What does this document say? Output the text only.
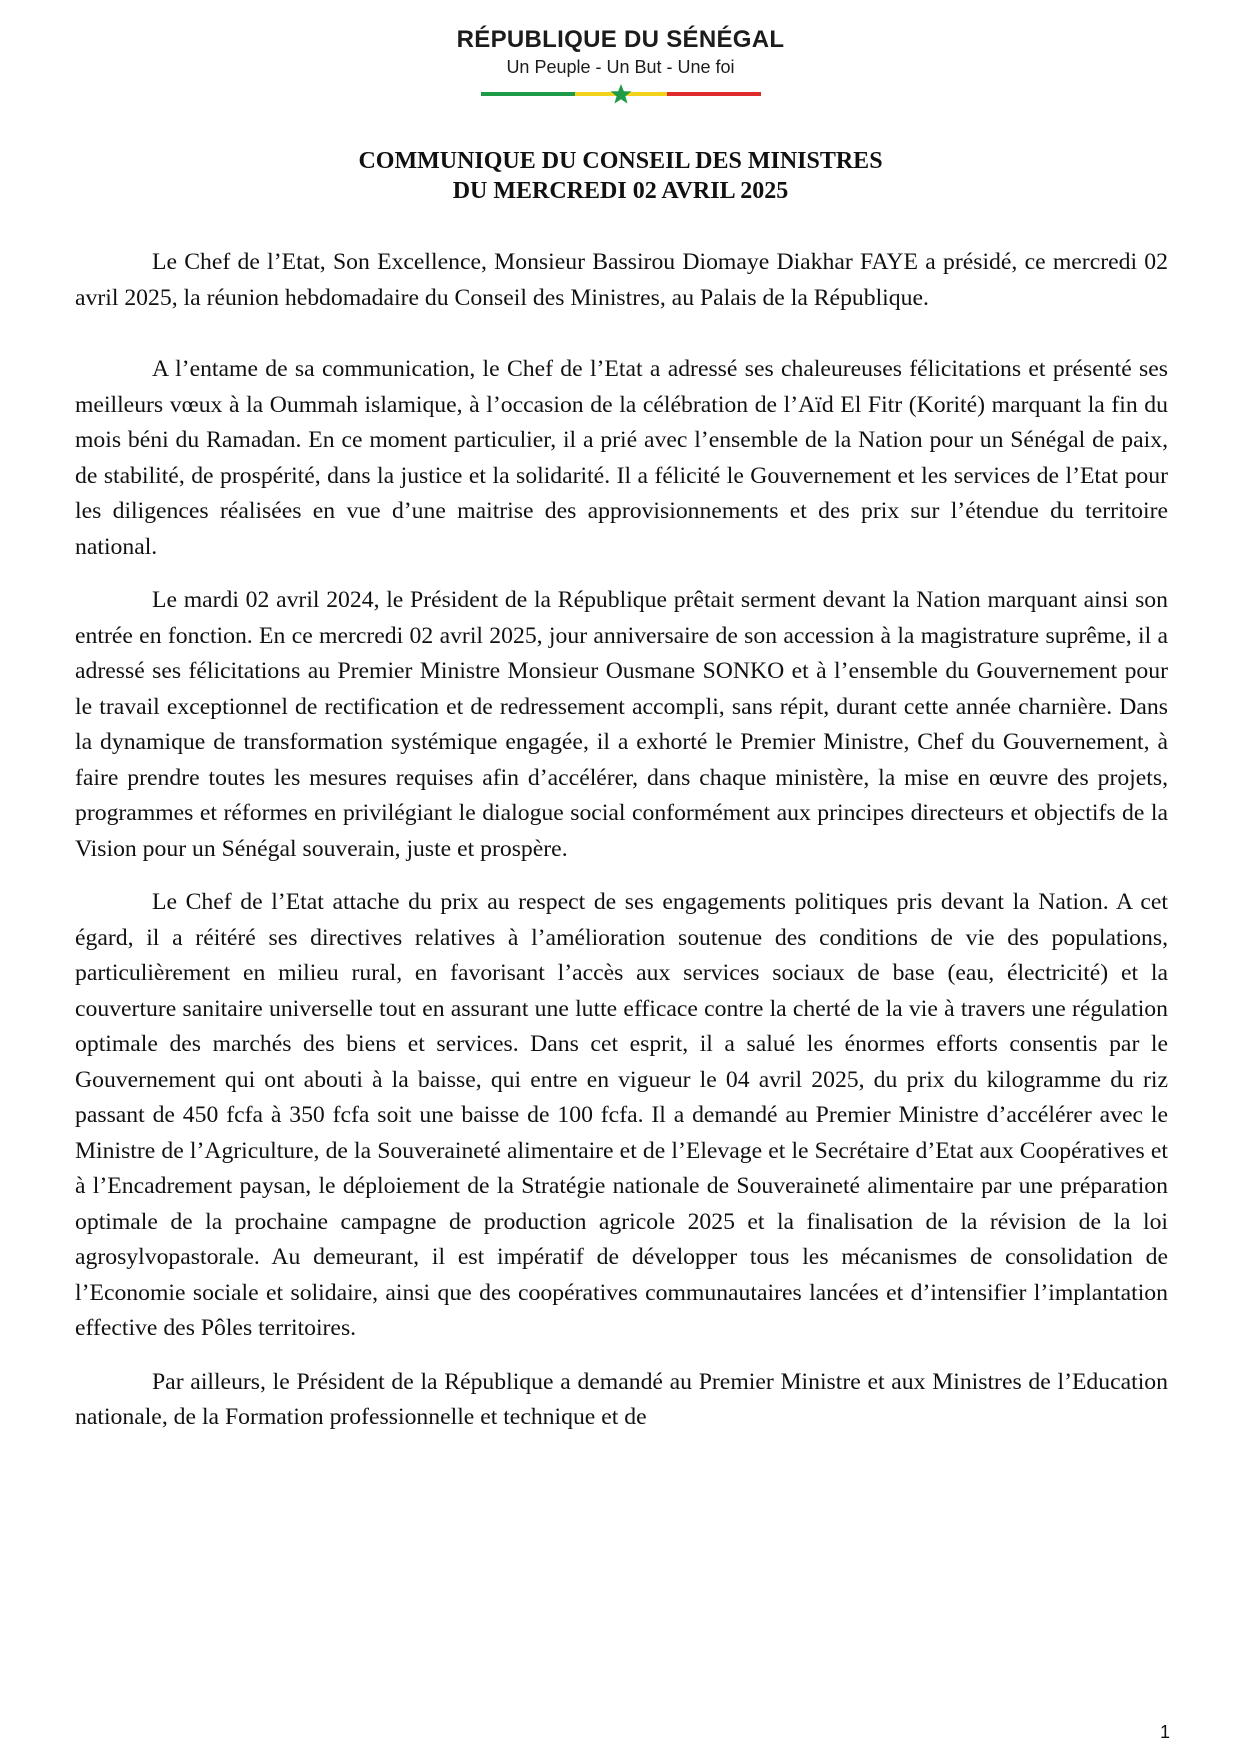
RÉPUBLIQUE DU SÉNÉGAL
Un Peuple - Un But - Une foi
COMMUNIQUE DU CONSEIL DES MINISTRES
DU MERCREDI 02 AVRIL 2025

Le Chef de l’Etat, Son Excellence, Monsieur Bassirou Diomaye Diakhar FAYE a présidé, ce mercredi 02 avril 2025, la réunion hebdomadaire du Conseil des Ministres, au Palais de la République.

A l’entame de sa communication, le Chef de l’Etat a adressé ses chaleureuses félicitations et présenté ses meilleurs vœux à la Oummah islamique, à l’occasion de la célébration de l’Aïd El Fitr (Korité) marquant la fin du mois béni du Ramadan. En ce moment particulier, il a prié avec l’ensemble de la Nation pour un Sénégal de paix, de stabilité, de prospérité, dans la justice et la solidarité. Il a félicité le Gouvernement et les services de l’Etat pour les diligences réalisées en vue d’une maitrise des approvisionnements et des prix sur l’étendue du territoire national.

Le mardi 02 avril 2024, le Président de la République prêtait serment devant la Nation marquant ainsi son entrée en fonction. En ce mercredi 02 avril 2025, jour anniversaire de son accession à la magistrature suprême, il a adressé ses félicitations au Premier Ministre Monsieur Ousmane SONKO et à l’ensemble du Gouvernement pour le travail exceptionnel de rectification et de redressement accompli, sans répit, durant cette année charnière. Dans la dynamique de transformation systémique engagée, il a exhorté le Premier Ministre, Chef du Gouvernement, à faire prendre toutes les mesures requises afin d’accélérer, dans chaque ministère, la mise en œuvre des projets, programmes et réformes en privilégiant le dialogue social conformément aux principes directeurs et objectifs de la Vision pour un Sénégal souverain, juste et prospère.

Le Chef de l’Etat attache du prix au respect de ses engagements politiques pris devant la Nation. A cet égard, il a réitéré ses directives relatives à l’amélioration soutenue des conditions de vie des populations, particulièrement en milieu rural, en favorisant l’accès aux services sociaux de base (eau, électricité) et la couverture sanitaire universelle tout en assurant une lutte efficace contre la cherté de la vie à travers une régulation optimale des marchés des biens et services. Dans cet esprit, il a salué les énormes efforts consentis par le Gouvernement qui ont abouti à la baisse, qui entre en vigueur le 04 avril 2025, du prix du kilogramme du riz passant de 450 fcfa à 350 fcfa soit une baisse de 100 fcfa. Il a demandé au Premier Ministre d’accélérer avec le Ministre de l’Agriculture, de la Souveraineté alimentaire et de l’Elevage et le Secrétaire d’Etat aux Coopératives et à l’Encadrement paysan, le déploiement de la Stratégie nationale de Souveraineté alimentaire par une préparation optimale de la prochaine campagne de production agricole 2025 et la finalisation de la révision de la loi agrosylvopastorale. Au demeurant, il est impératif de développer tous les mécanismes de consolidation de l’Economie sociale et solidaire, ainsi que des coopératives communautaires lancées et d’intensifier l’implantation effective des Pôles territoires.

Par ailleurs, le Président de la République a demandé au Premier Ministre et aux Ministres de l’Education nationale, de la Formation professionnelle et technique et de

1
